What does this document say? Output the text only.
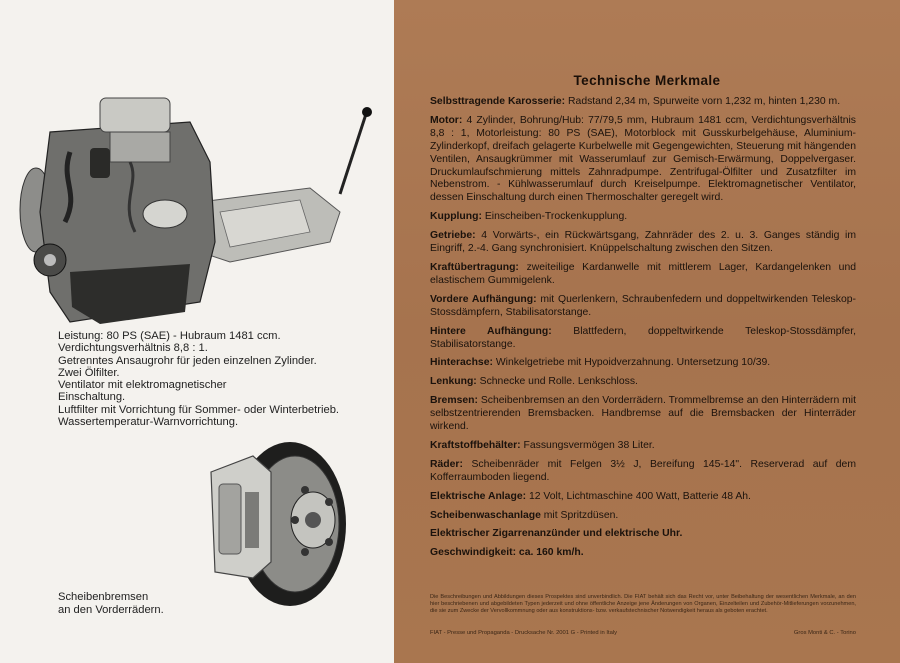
Leistung: 80 PS (SAE) - Hubraum 1481 ccm.
Verdichtungsverhältnis 8,8 : 1.
Getrenntes Ansaugrohr für jeden einzelnen Zylinder.
Zwei Ölfilter.
Ventilator mit elektromagnetischer
Einschaltung.
Luftfilter mit Vorrichtung für Sommer- oder Winterbetrieb.
Wassertemperatur-Warnvorrichtung.
Scheibenbremsen
an den Vorderrädern.
Technische Merkmale
Selbsttragende Karosserie: Radstand 2,34 m, Spurweite vorn 1,232 m, hinten 1,230 m.
Motor: 4 Zylinder, Bohrung/Hub: 77/79,5 mm, Hubraum 1481 ccm, Verdichtungsverhältnis 8,8 : 1, Motorleistung: 80 PS (SAE), Motorblock mit Gusskurbelgehäuse, Aluminium-Zylinderkopf, dreifach gelagerte Kurbelwelle mit Gegengewichten, Steuerung mit hängenden Ventilen, Ansaugkrümmer mit Wasserumlauf zur Gemisch-Erwärmung, Doppelvergaser. Druckumlaufschmierung mittels Zahnradpumpe. Zentrifugal-Ölfilter und Zusatzfilter im Nebenstrom. - Kühlwasserumlauf durch Kreiselpumpe. Elektromagnetischer Ventilator, dessen Einschaltung durch einen Thermoschalter geregelt wird.
Kupplung: Einscheiben-Trockenkupplung.
Getriebe: 4 Vorwärts-, ein Rückwärtsgang, Zahnräder des 2. u. 3. Ganges ständig im Eingriff, 2.-4. Gang synchronisiert. Knüppelschaltung zwischen den Sitzen.
Kraftübertragung: zweiteilige Kardanwelle mit mittlerem Lager, Kardangelenken und elastischem Gummigelenk.
Vordere Aufhängung: mit Querlenkern, Schraubenfedern und doppeltwirkenden Teleskop-Stossdämpfern, Stabilisatorstange.
Hintere Aufhängung: Blattfedern, doppeltwirkende Teleskop-Stossdämpfer, Stabilisatorstange.
Hinterachse: Winkelgetriebe mit Hypoidverzahnung. Untersetzung 10/39.
Lenkung: Schnecke und Rolle. Lenkschloss.
Bremsen: Scheibenbremsen an den Vorderrädern. Trommelbremse an den Hinterrädern mit selbstzentrierenden Bremsbacken. Handbremse auf die Bremsbacken der Hinterräder wirkend.
Kraftstoffbehälter: Fassungsvermögen 38 Liter.
Räder: Scheibenräder mit Felgen 3½ J, Bereifung 145-14". Reserverad auf dem Kofferraumboden liegend.
Elektrische Anlage: 12 Volt, Lichtmaschine 400 Watt, Batterie 48 Ah.
Scheibenwaschanlage mit Spritzdüsen.
Elektrischer Zigarrenanzünder und elektrische Uhr.
Geschwindigkeit: ca. 160 km/h.
Die Beschreibungen und Abbildungen dieses Prospektes sind unverbindlich. Die FIAT behält sich das Recht vor, unter Beibehaltung der wesentlichen Merkmale, an den hier beschriebenen und abgebildeten Typen jederzeit und ohne öffentliche Anzeige jene Änderungen von Organen, Einzelteilen und Zubehör-Mitlieferungen vorzunehmen, die sie zum Zwecke der Vervollkommnung oder aus konstruktions- bzw. verkaufstechnischer Notwendigkeit heraus als geboten erachtet.
FIAT - Presse und Propaganda - Drucksache Nr. 2001 G - Printed in Italy	Gros Monti & C. - Torino
